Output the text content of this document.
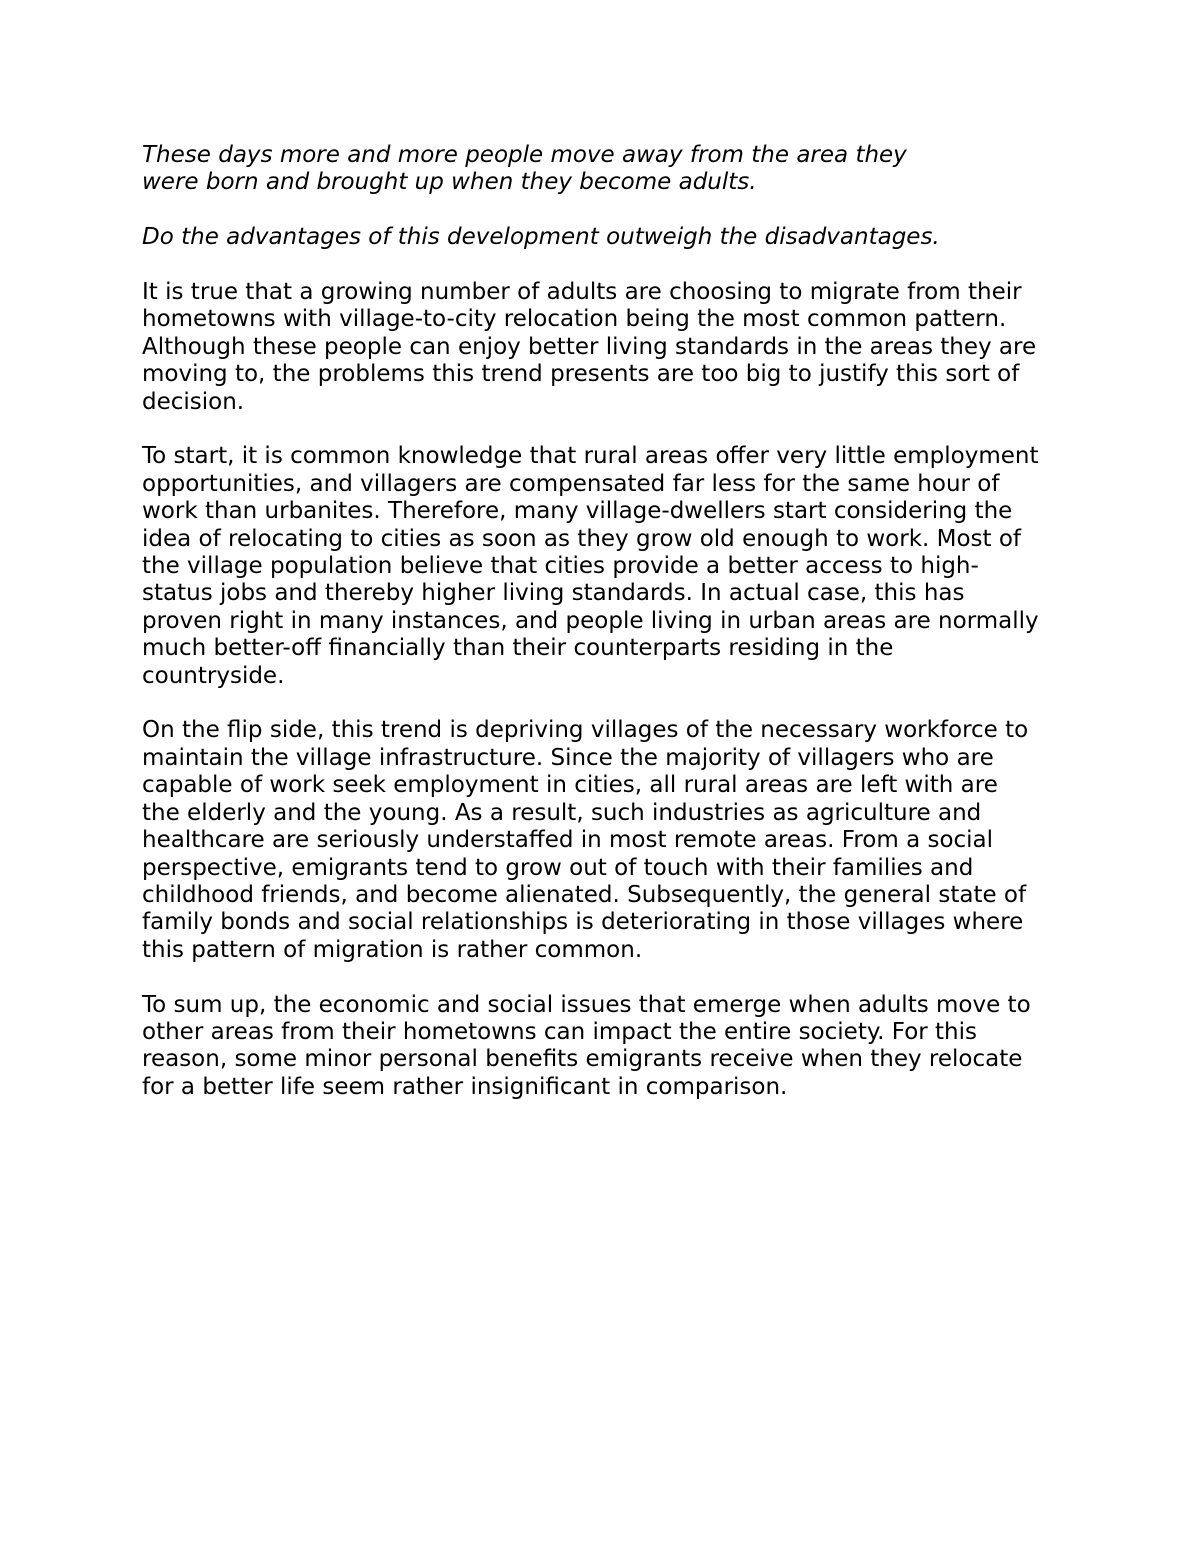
These days more and more people move away from the area they
were born and brought up when they become adults.

Do the advantages of this development outweigh the disadvantages.

It is true that a growing number of adults are choosing to migrate from their
hometowns with village-to-city relocation being the most common pattern.
Although these people can enjoy better living standards in the areas they are
moving to, the problems this trend presents are too big to justify this sort of
decision.

To start, it is common knowledge that rural areas offer very little employment
opportunities, and villagers are compensated far less for the same hour of
work than urbanites. Therefore, many village-dwellers start considering the
idea of relocating to cities as soon as they grow old enough to work. Most of
the village population believe that cities provide a better access to high-
status jobs and thereby higher living standards. In actual case, this has
proven right in many instances, and people living in urban areas are normally
much better-off financially than their counterparts residing in the
countryside.

On the flip side, this trend is depriving villages of the necessary workforce to
maintain the village infrastructure. Since the majority of villagers who are
capable of work seek employment in cities, all rural areas are left with are
the elderly and the young. As a result, such industries as agriculture and
healthcare are seriously understaffed in most remote areas. From a social
perspective, emigrants tend to grow out of touch with their families and
childhood friends, and become alienated. Subsequently, the general state of
family bonds and social relationships is deteriorating in those villages where
this pattern of migration is rather common.

To sum up, the economic and social issues that emerge when adults move to
other areas from their hometowns can impact the entire society. For this
reason, some minor personal benefits emigrants receive when they relocate
for a better life seem rather insignificant in comparison.
